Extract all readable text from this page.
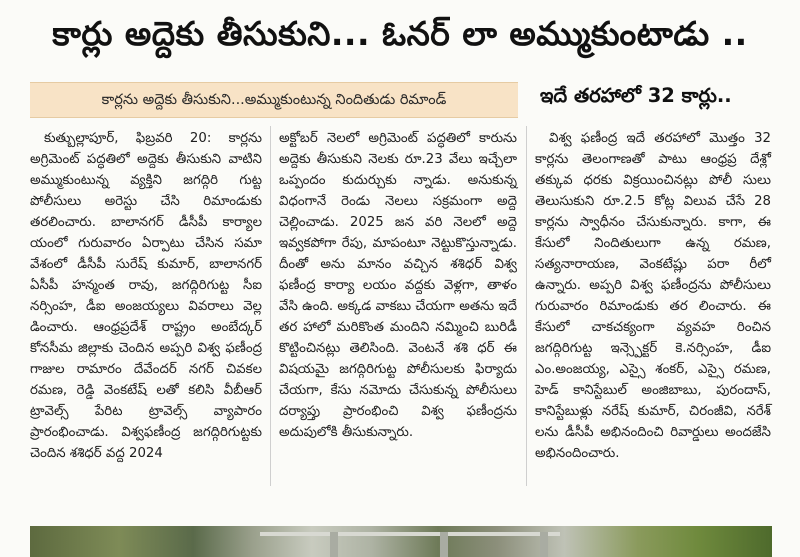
కార్లు అద్దెకు తీసుకుని... ఓనర్ లా అమ్ముకుంటాడు ..
కార్లను అద్దెకు తీసుకుని...అమ్ముకుంటున్న నిందితుడు రిమాండ్	ఇదే తరహాలో 32 కార్లు..

కుత్బుల్లాపూర్, ఫిబ్రవరి 20: కార్లను అగ్రిమెంట్ పద్ధతిలో అద్దెకు తీసుకుని వాటిని అమ్ముకుంటున్న వ్యక్తిని జగద్గిరి గుట్ట పోలీసులు అరెస్టు చేసి రిమాండుకు తరలించారు. బాలానగర్ డీసీపీ కార్యాల యంలో గురువారం ఏర్పాటు చేసిన సమా వేశంలో డీసీపీ సురేష్ కుమార్, బాలానగర్ ఏసీపీ హన్మంత రావు, జగద్గిరిగుట్ట సీఐ నర్సింహ, డీఐ అంజయ్యలు వివరాలు వెల్ల డించారు. ఆంధ్రప్రదేశ్ రాష్ట్రం అంబేద్కర్ కోనసీమ జిల్లాకు చెందిన అప్పరి విశ్వ ఫణీంద్ర గాజుల రామారం దేవేందర్ నగర్ చివకల రమణ, రెడ్డి వెంకటేష్ లతో కలిసి వీబీఆర్ ట్రావెల్స్ పేరిట ట్రావెల్స్ వ్యాపారం ప్రారంభించాడు. విశ్వఫణీంద్ర జగద్గిరిగుట్టకు చెందిన శశిధర్ వద్ద 2024

అక్టోబర్ నెలలో అగ్రిమెంట్ పద్ధతిలో కారును అద్దెకు తీసుకుని నెలకు రూ.23 వేలు ఇచ్చేలా ఒప్పందం కుదుర్చుకు న్నాడు. అనుకున్న విధంగానే రెండు నెలలు సక్రమంగా అద్దె చెల్లించాడు. 2025 జన వరి నెలలో అద్దె ఇవ్వకపోగా రేపు, మాపంటూ నెట్టుకొస్తున్నాడు. దీంతో అను మానం వచ్చిన శశిధర్ విశ్వ ఫణీంద్ర కార్యా లయం వద్దకు వెళ్లగా, తాళం వేసి ఉంది. అక్కడ వాకబు చేయగా అతను ఇదే తర హాలో మరికొంత మందిని నమ్మించి బురిడీ కొట్టించినట్లు తెలిసింది. వెంటనే శశి ధర్ ఈ విషయమై జగద్గిరిగుట్ట పోలీసులకు ఫిర్యాదు చేయగా, కేసు నమోదు చేసుకున్న పోలీసులు దర్యాప్తు ప్రారంభించి విశ్వ ఫణీంద్రను అదుపులోకి తీసుకున్నారు.

విశ్వ ఫణీంద్ర ఇదే తరహాలో మొత్తం 32 కార్లను తెలంగాణతో పాటు ఆంధ్రప్ర దేశ్లో తక్కువ ధరకు విక్రయించినట్లు పోలీ సులు తెలుసుకుని రూ.2.5 కోట్ల విలువ చేసే 28 కార్లను స్వాధీనం చేసుకున్నారు. కాగా, ఈ కేసులో నిందితులుగా ఉన్న రమణ, సత్యనారాయణ, వెంకటేష్లు పరా రీలో ఉన్నారు. అప్పరి విశ్వ ఫణీంద్రను పోలీసులు గురువారం రిమాండుకు తర లించారు. ఈ కేసులో చాకచక్యంగా వ్యవహ రించిన జగద్గిరిగుట్ట ఇన్స్పెక్టర్ కె.నర్సింహ, డీఐ ఎం.అంజయ్య, ఎస్సై శంకర్, ఎస్సై రమణ, హెడ్ కానిస్టేబుల్ అంజిబాబు, పురందాస్, కానిస్టేబుళ్లు నరేష్ కుమార్, చిరంజీవి, నరేశ్ లను డీసీపీ అభినందించి రివార్డులు అందజేసి అభినందించారు.
